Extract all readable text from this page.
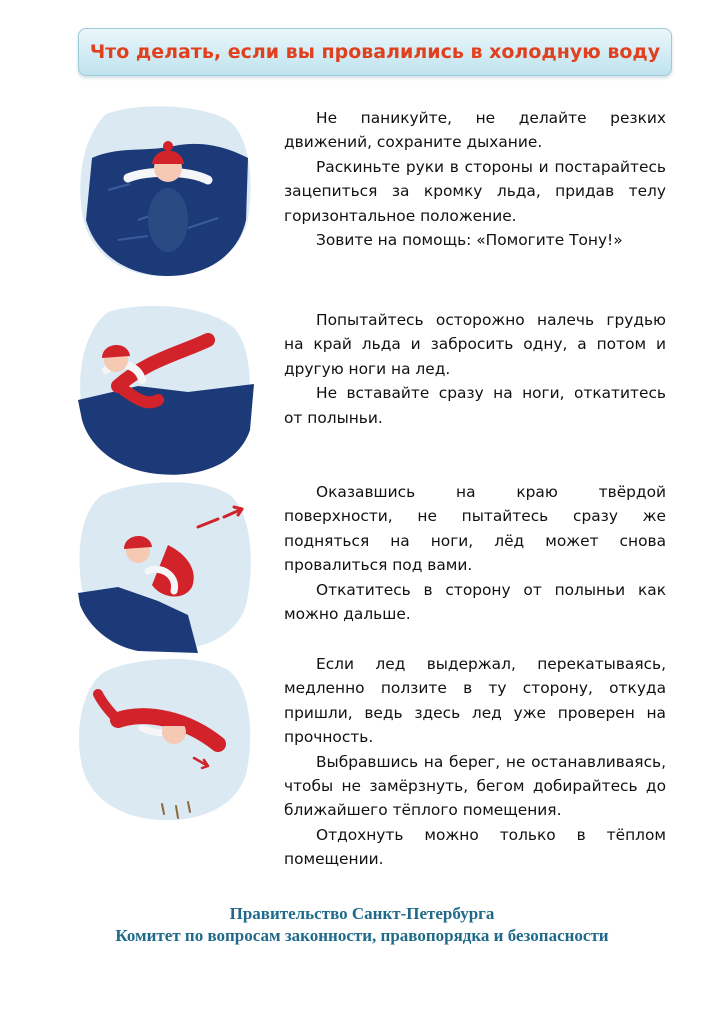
Что делать, если вы провалились в холодную воду

Не паникуйте, не делайте резких движений, сохраните дыхание.

Раскиньте руки в стороны и постарайтесь зацепиться за кромку льда, придав телу горизонтальное положение.

Зовите на помощь: «Помогите Тону!»

Попытайтесь осторожно налечь грудью на край льда и забросить одну, а потом и другую ноги на лед.

Не вставайте сразу на ноги, откатитесь от полыньи.

Оказавшись на краю твёрдой поверхности, не пытайтесь сразу же подняться на ноги, лёд может снова провалиться под вами.

Откатитесь в сторону от полыньи как можно дальше.

Если лед выдержал, перекатываясь, медленно ползите в ту сторону, откуда пришли, ведь здесь лед уже проверен на прочность.

Выбравшись на берег, не останавливаясь, чтобы не замёрзнуть, бегом добирайтесь до ближайшего тёплого помещения.

Отдохнуть можно только в тёплом помещении.

Правительство Санкт-Петербурга
Комитет по вопросам законности, правопорядка и безопасности
